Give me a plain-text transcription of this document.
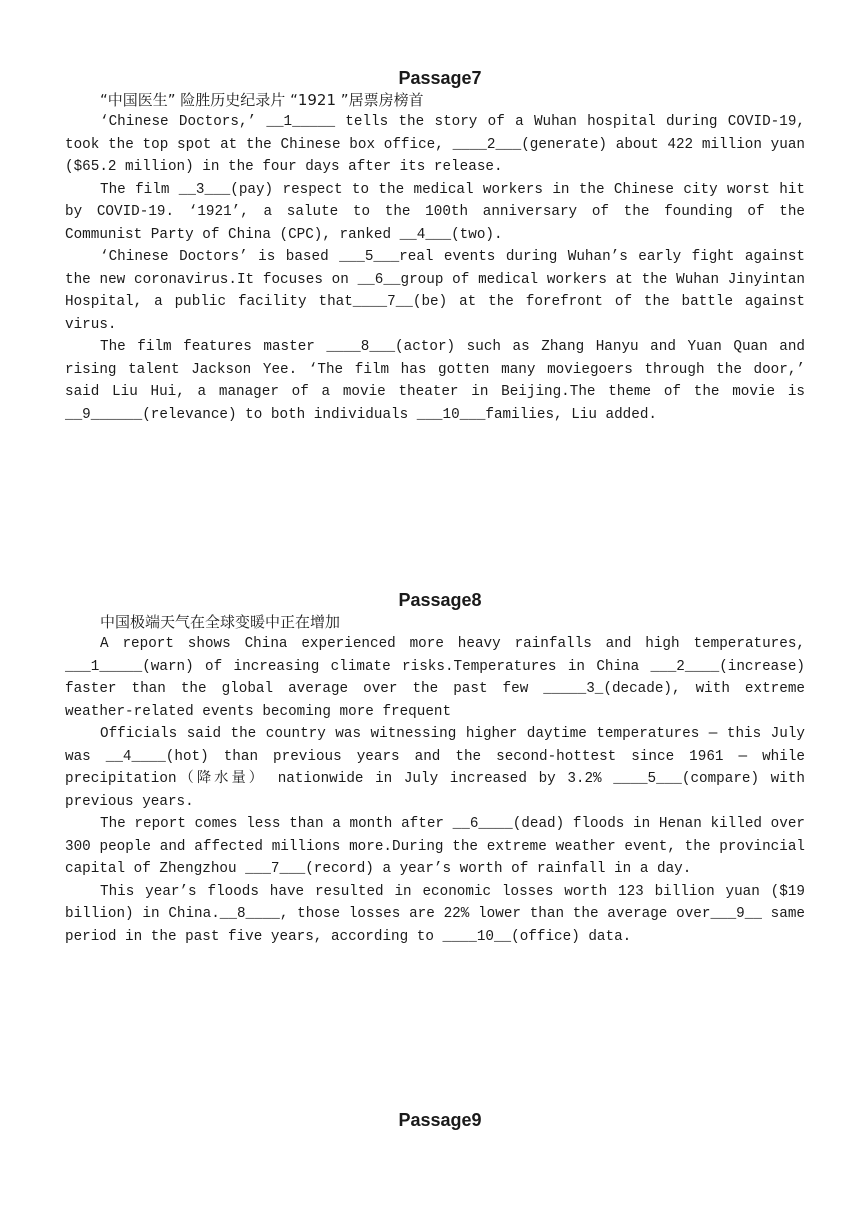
Passage7

“中国医生” 险胜历史纪录片 “1921 ”居票房榜首

‘Chinese Doctors,’ __1_____ tells the story of a Wuhan hospital during COVID-19, took the top spot at the Chinese box office, ____2___(generate) about 422 million yuan ($65.2 million) in the four days after its release.

The film __3___(pay) respect to the medical workers in the Chinese city worst hit by COVID-19. ‘1921’, a salute to the 100th anniversary of the founding of the Communist Party of China (CPC), ranked __4___(two).

‘Chinese Doctors’ is based ___5___real events during Wuhan’s early fight against the new coronavirus.It focuses on __6__group of medical workers at the Wuhan Jinyintan Hospital, a public facility that____7__(be) at the forefront of the battle against virus.

The film features master ____8___(actor) such as Zhang Hanyu and Yuan Quan and rising talent Jackson Yee. ‘The film has gotten many moviegoers through the door,’ said Liu Hui, a manager of a movie theater in Beijing.The theme of the movie is __9______(relevance) to both individuals ___10___families, Liu added.

Passage8

中国极端天气在全球变暖中正在增加

A report shows China experienced more heavy rainfalls and high temperatures, ___1_____(warn) of increasing climate risks.Temperatures in China ___2____(increase) faster than the global average over the past few _____3_(decade), with extreme weather-related events becoming more frequent

Officials said the country was witnessing higher daytime temperatures — this July was __4____(hot) than previous years and the second-hottest since 1961 — while precipitation（降水量） nationwide in July increased by 3.2% ____5___(compare) with previous years.

The report comes less than a month after __6____(dead) floods in Henan killed over 300 people and affected millions more.During the extreme weather event, the provincial capital of Zhengzhou ___7___(record) a year’s worth of rainfall in a day.

This year’s floods have resulted in economic losses worth 123 billion yuan ($19 billion) in China.__8____, those losses are 22% lower than the average over___9__ same period in the past five years, according to ____10__(office) data.

Passage9
